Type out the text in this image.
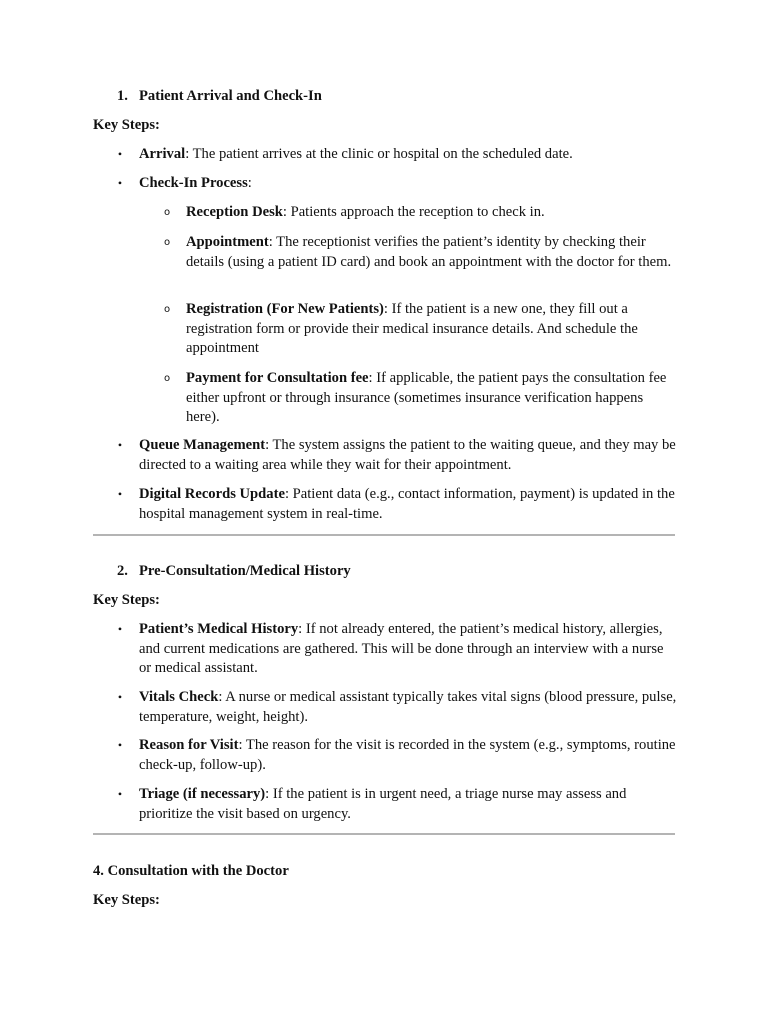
1. Patient Arrival and Check-In
Key Steps:
• Arrival: The patient arrives at the clinic or hospital on the scheduled date.
• Check-In Process:
o Reception Desk: Patients approach the reception to check in.
o Appointment: The receptionist verifies the patient’s identity by checking their details (using a patient ID card) and book an appointment with the doctor for them.
o Registration (For New Patients): If the patient is a new one, they fill out a registration form or provide their medical insurance details. And schedule the appointment
o Payment for Consultation fee: If applicable, the patient pays the consultation fee either upfront or through insurance (sometimes insurance verification happens here).
• Queue Management: The system assigns the patient to the waiting queue, and they may be directed to a waiting area while they wait for their appointment.
• Digital Records Update: Patient data (e.g., contact information, payment) is updated in the hospital management system in real-time.
2. Pre-Consultation/Medical History
Key Steps:
• Patient’s Medical History: If not already entered, the patient’s medical history, allergies, and current medications are gathered. This will be done through an interview with a nurse or medical assistant.
• Vitals Check: A nurse or medical assistant typically takes vital signs (blood pressure, pulse, temperature, weight, height).
• Reason for Visit: The reason for the visit is recorded in the system (e.g., symptoms, routine check-up, follow-up).
• Triage (if necessary): If the patient is in urgent need, a triage nurse may assess and prioritize the visit based on urgency.
4. Consultation with the Doctor
Key Steps:
